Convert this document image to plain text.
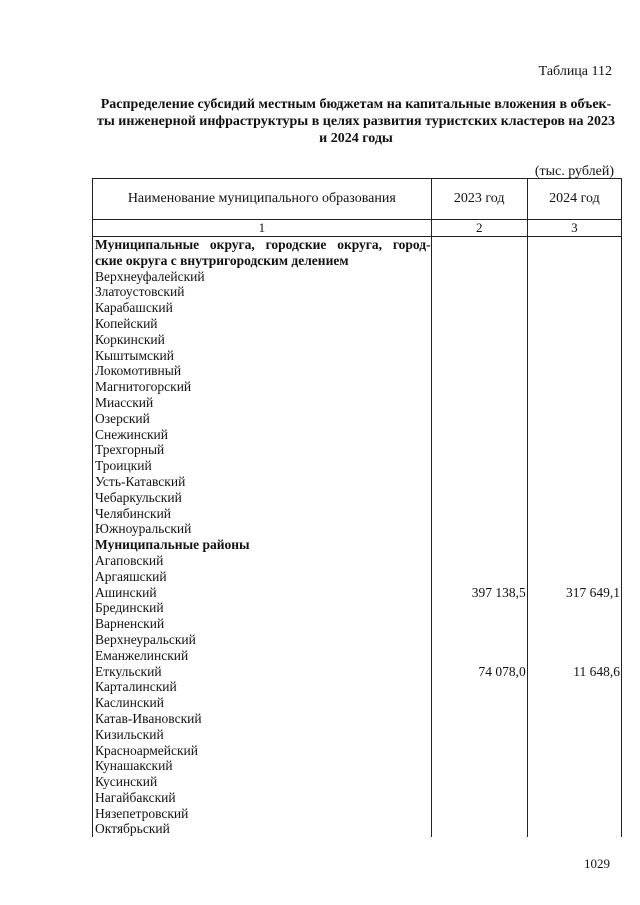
Таблица 112
Распределение субсидий местным бюджетам на капитальные вложения в объек-
ты инженерной инфраструктуры в целях развития туристских кластеров на 2023
и 2024 годы
(тыс. рублей)
Наименование муниципального образования	2023 год	2024 год
1	2	3

Муниципальные округа, городские округа, город-
ские округа с внутригородским делением		
Верхнеуфалейский		
Златоустовский		
Карабашский		
Копейский		
Коркинский		
Кыштымский		
Локомотивный		
Магнитогорский		
Миасский		
Озерский		
Снежинский		
Трехгорный		
Троицкий		
Усть-Катавский		
Чебаркульский		
Челябинский		
Южноуральский		
Муниципальные районы		
Агаповский		
Аргаяшский		
Ашинский	397 138,5	317 649,1
Брединский		
Варненский		
Верхнеуральский		
Еманжелинский		
Еткульский	74 078,0	11 648,6
Карталинский		
Каслинский		
Катав-Ивановский		
Кизильский		
Красноармейский		
Кунашакский		
Кусинский		
Нагайбакский		
Нязепетровский		
Октябрьский		
1029
